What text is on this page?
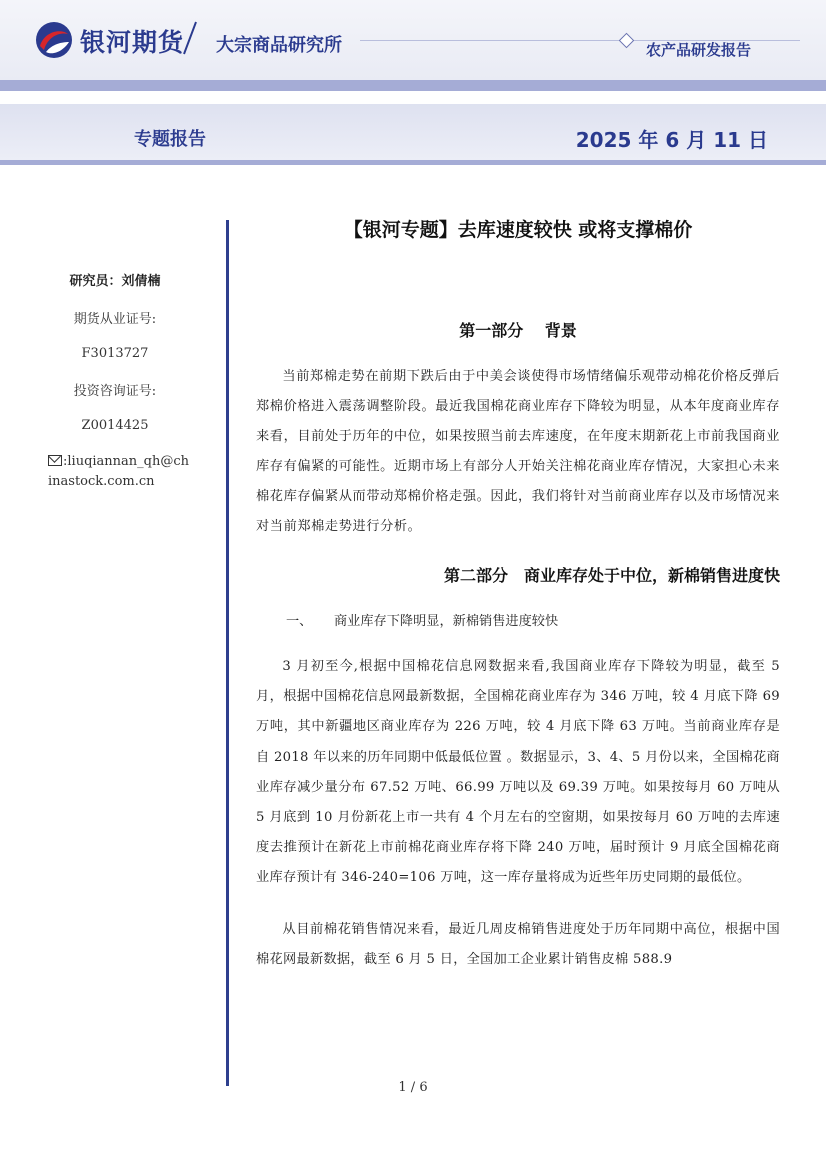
银河期货 大宗商品研究所	农产品研发报告
专题报告	2025 年 6 月 11 日
研究员：刘倩楠
期货从业证号:
F3013727
投资咨询证号:
Z0014425
:liuqiannan_qh@ch
inastock.com.cn
【银河专题】去库速度较快 或将支撑棉价
第一部分　 背景

当前郑棉走势在前期下跌后由于中美会谈使得市场情绪偏乐观带动棉花价格反弹后郑棉价格进入震荡调整阶段。最近我国棉花商业库存下降较为明显，从本年度商业库存来看，目前处于历年的中位，如果按照当前去库速度，在年度末期新花上市前我国商业库存有偏紧的可能性。近期市场上有部分人开始关注棉花商业库存情况，大家担心未来棉花库存偏紧从而带动郑棉价格走强。因此，我们将针对当前商业库存以及市场情况来对当前郑棉走势进行分析。

第二部分　商业库存处于中位，新棉销售进度快

一、 商业库存下降明显，新棉销售进度较快

3 月初至今,根据中国棉花信息网数据来看,我国商业库存下降较为明显，截至 5 月，根据中国棉花信息网最新数据，全国棉花商业库存为 346 万吨，较 4 月底下降 69 万吨，其中新疆地区商业库存为 226 万吨，较 4 月底下降 63 万吨。当前商业库存是自 2018 年以来的历年同期中低最低位置 。数据显示，3、4、5 月份以来，全国棉花商业库存减少量分布 67.52 万吨、66.99 万吨以及 69.39 万吨。如果按每月 60 万吨从 5 月底到 10 月份新花上市一共有 4 个月左右的空窗期，如果按每月 60 万吨的去库速度去推预计在新花上市前棉花商业库存将下降 240 万吨，届时预计 9 月底全国棉花商业库存预计有 346-240=106 万吨，这一库存量将成为近些年历史同期的最低位。

从目前棉花销售情况来看，最近几周皮棉销售进度处于历年同期中高位，根据中国棉花网最新数据，截至 6 月 5 日，全国加工企业累计销售皮棉 588.9

1 / 6
